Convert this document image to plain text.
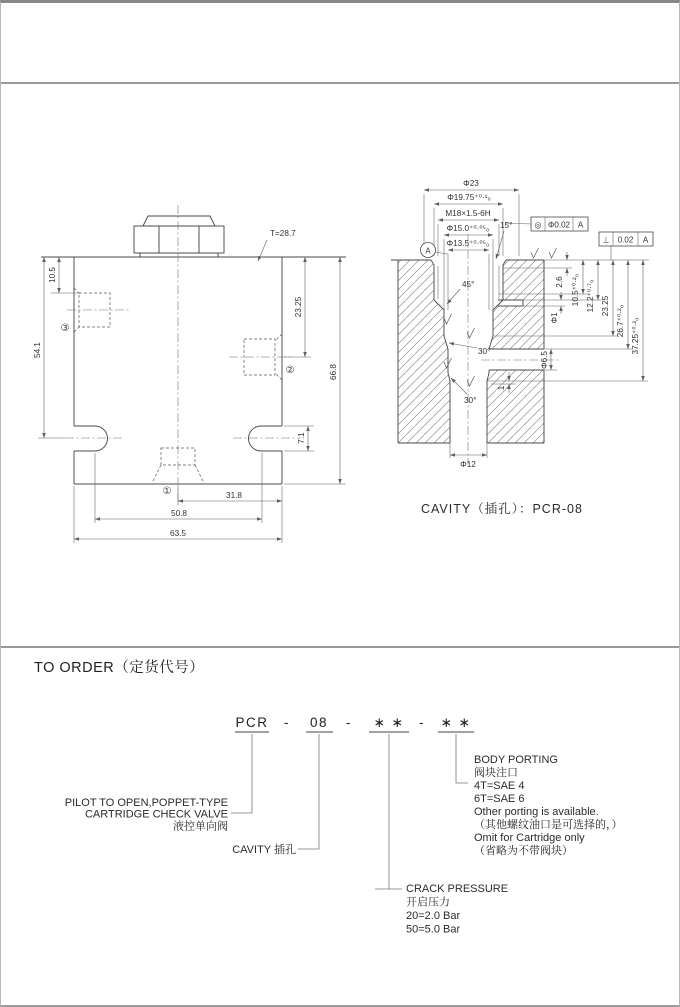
10.5
54.1
23.25
66.8
7.1
31.8
50.8
63.5
T=28.7
③
②
①
Φ23
Φ19.75⁺⁰·¹₀
M18×1.5-6H
Φ15.0⁺⁰·⁰⁵₀
Φ13.5⁺⁰·⁰⁵₀
2.6 10.5⁺⁰·²₀ 12.2⁺⁰·⁷₀ 23.25 26.7⁺⁰·²₀ 37.25⁺⁰·²₀
Φ6.5
Φ1
1
Φ12
15°
45°
30°
30°
A
◎ Φ0.02 A
⊥ 0.02 A
CAVITY（插孔）：PCR-08
TO ORDER（定货代号）
PCR - 08 - ∗ ∗ - ∗ ∗
PILOT TO OPEN,POPPET-TYPE
CARTRIDGE CHECK VALVE
液控单向阀
CAVITY 插孔
CRACK PRESSURE
开启压力
20=2.0 Bar
50=5.0 Bar
BODY PORTING
阀块注口
4T=SAE 4
6T=SAE 6
Other porting is available.
（其他螺纹油口是可选择的，）
Omit for Cartridge only
（省略为不带阀块）
